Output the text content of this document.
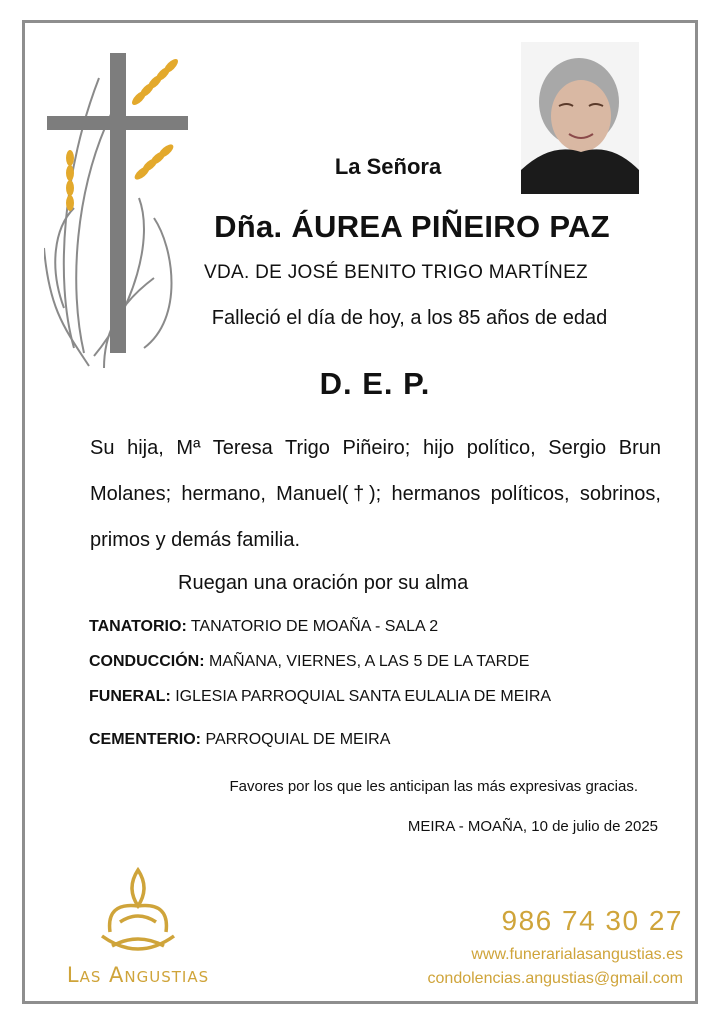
La Señora
Dña. ÁUREA PIÑEIRO PAZ
VDA. DE JOSÉ BENITO TRIGO MARTÍNEZ
Falleció el día de hoy, a los 85 años de edad
D. E. P.

Su hija, Mª Teresa Trigo Piñeiro; hijo político, Sergio Brun Molanes; hermano, Manuel(†); hermanos políticos, sobrinos, primos y demás familia.

Ruegan una oración por su alma
TANATORIO: TANATORIO DE MOAÑA - SALA 2
CONDUCCIÓN: MAÑANA, VIERNES, A LAS 5 DE LA TARDE
FUNERAL: IGLESIA PARROQUIAL SANTA EULALIA DE MEIRA
CEMENTERIO: PARROQUIAL DE MEIRA
Favores por los que les anticipan las más expresivas gracias.
MEIRA - MOAÑA, 10 de julio de 2025
Las Angustias
986 74 30 27
www.funerarialasangustias.es
condolencias.angustias@gmail.com
